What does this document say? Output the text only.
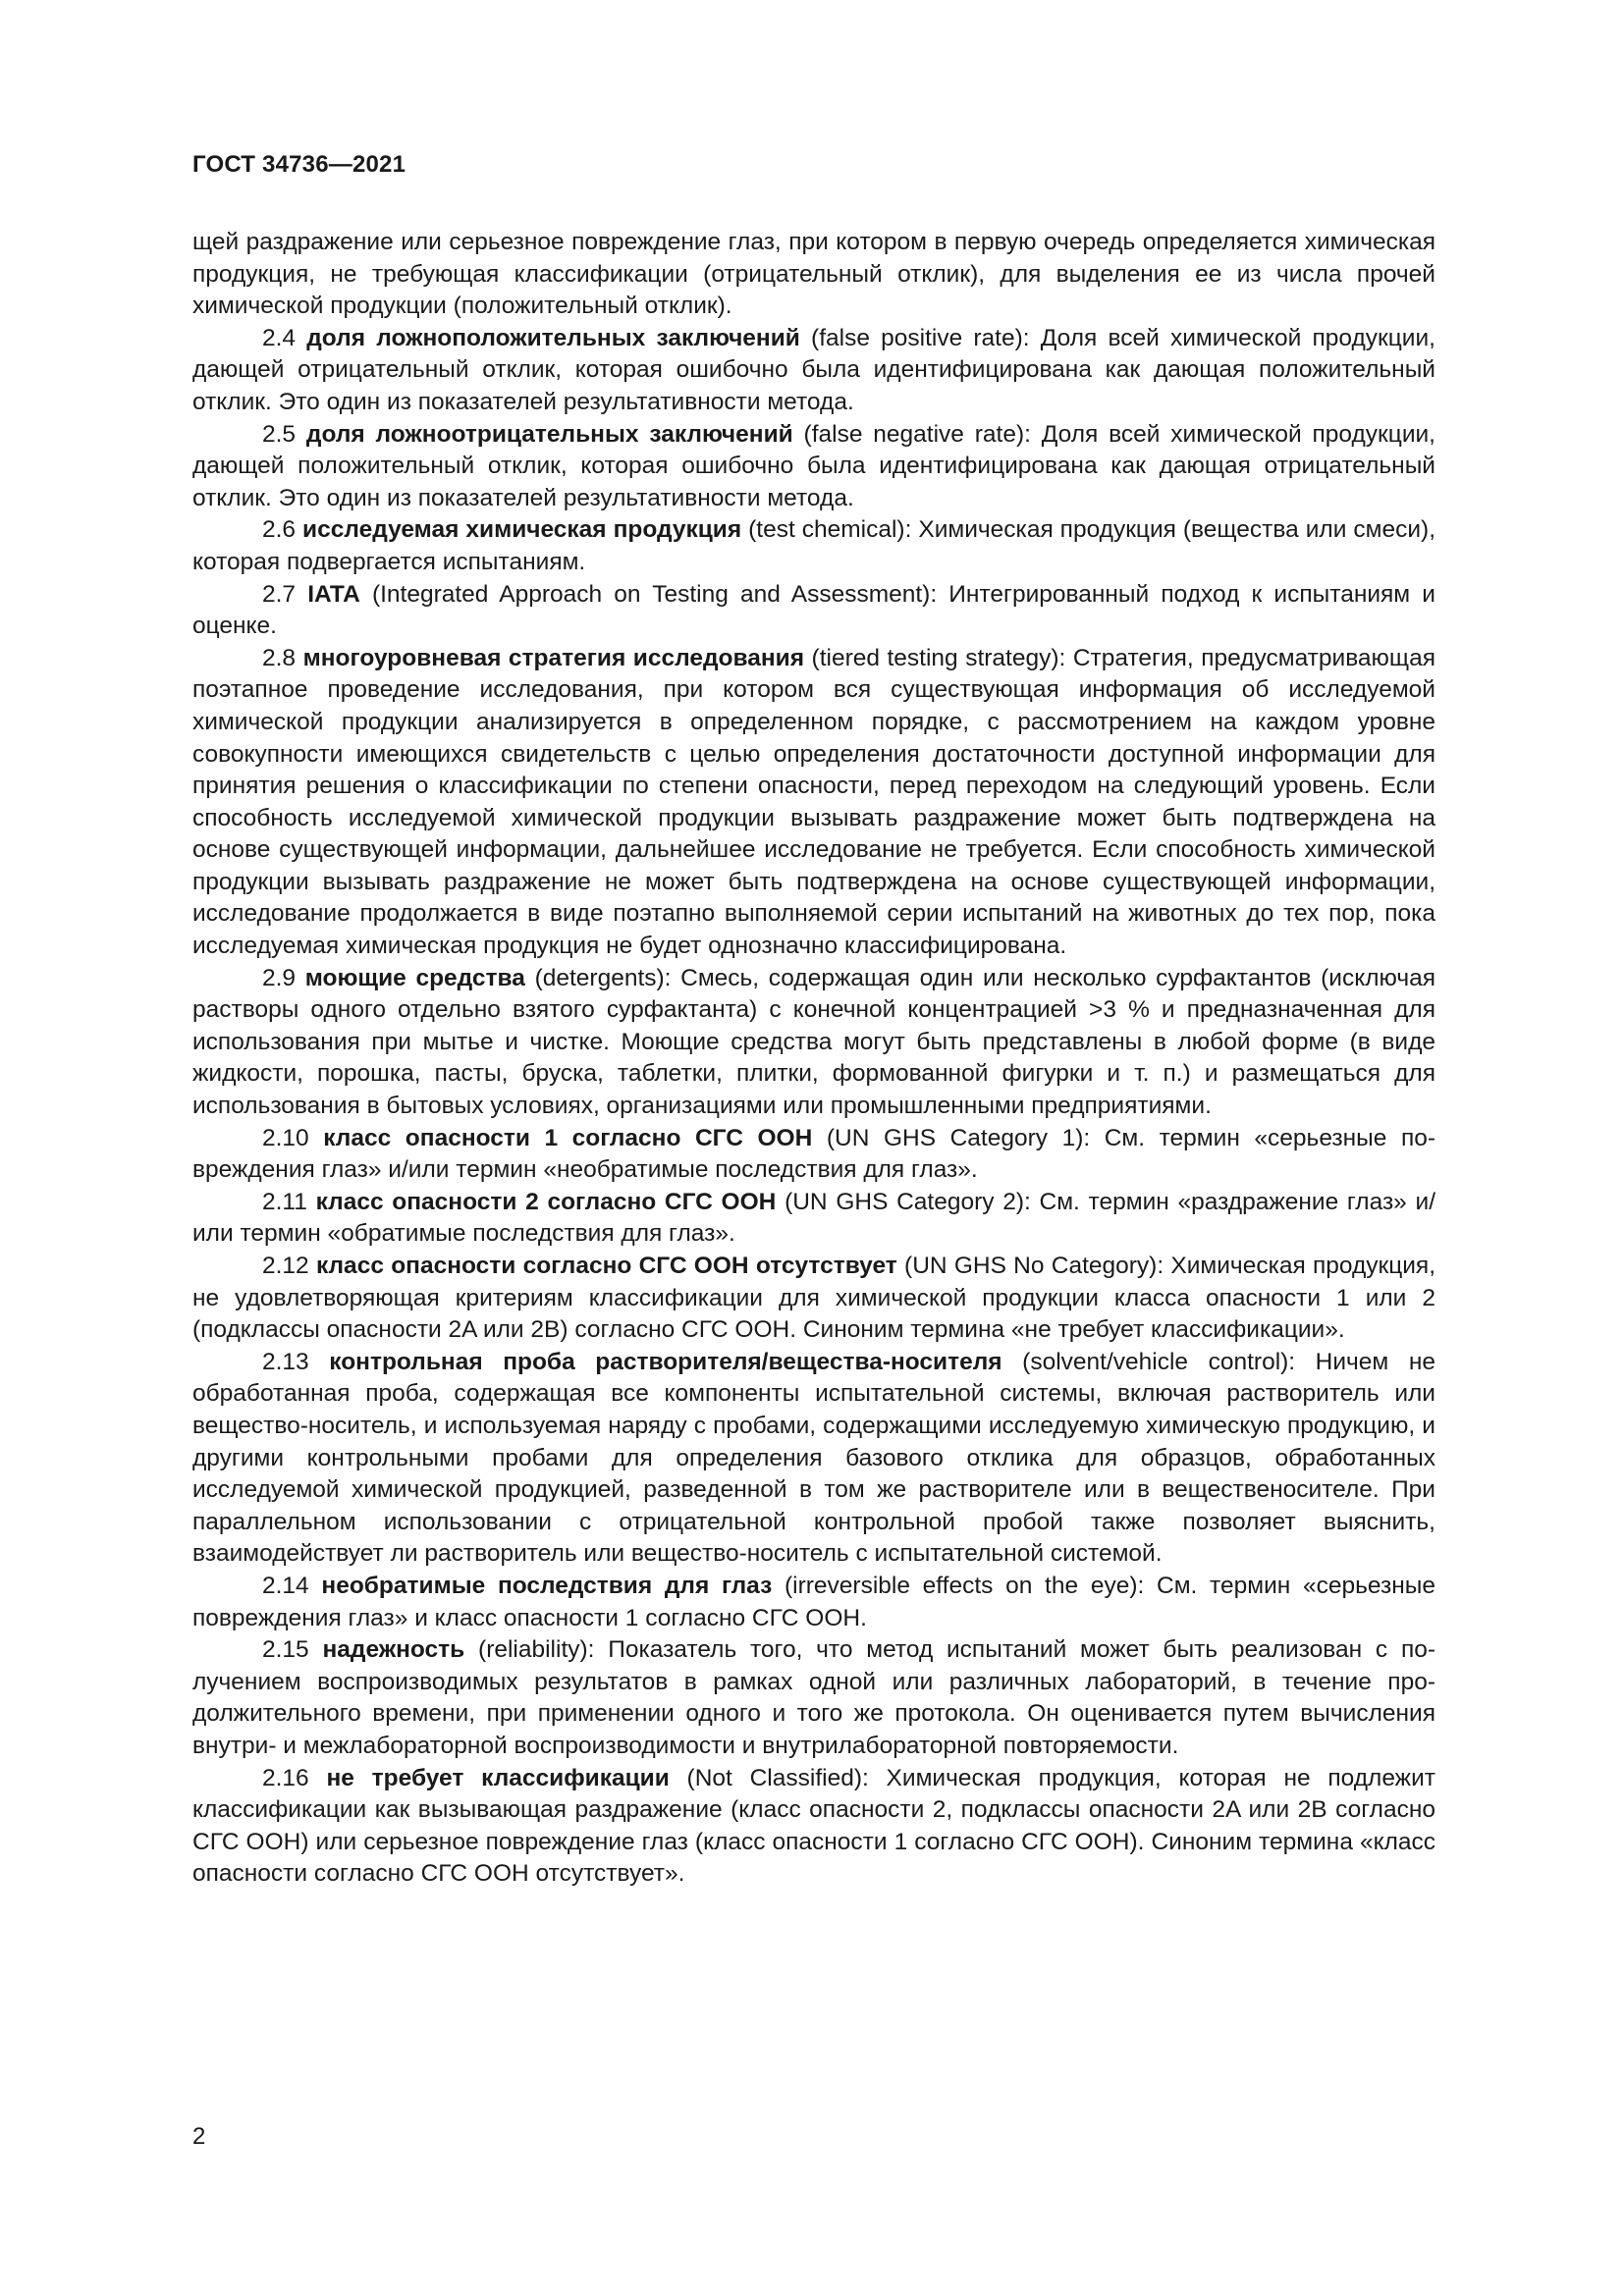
ГОСТ 34736—2021

щей раздражение или серьезное повреждение глаз, при котором в первую очередь определяется химическая продукция, не требующая классификации (отрицательный отклик), для выделения ее из числа прочей химической продукции (положительный отклик).

2.4 доля ложноположительных заключений (false positive rate): Доля всей химической продукции, дающей отрицательный отклик, которая ошибочно была идентифицирована как дающая положительный отклик. Это один из показателей результативности метода.

2.5 доля ложноотрицательных заключений (false negative rate): Доля всей химической продукции, дающей положительный отклик, которая ошибочно была идентифицирована как дающая отрицательный отклик. Это один из показателей результативности метода.

2.6 исследуемая химическая продукция (test chemical): Химическая продукция (вещества или смеси), которая подвергается испытаниям.

2.7 IATA (Integrated Approach on Testing and Assessment): Интегрированный подход к испытаниям и оценке.

2.8 многоуровневая стратегия исследования (tiered testing strategy): Стратегия, предусматривающая поэтапное проведение исследования, при котором вся существующая информация об исследуемой химической продукции анализируется в определенном порядке, с рассмотрением на каждом уровне совокупности имеющихся свидетельств с целью определения достаточности доступной информации для принятия решения о классификации по степени опасности, перед переходом на следующий уровень. Если способность исследуемой химической продукции вызывать раздражение может быть подтверждена на основе существующей информации, дальнейшее исследование не требуется. Если способность химической продукции вызывать раздражение не может быть подтверждена на основе существующей информации, исследование продолжается в виде поэтапно выполняемой серии испытаний на животных до тех пор, пока исследуемая химическая продукция не будет однозначно классифицирована.

2.9 моющие средства (detergents): Смесь, содержащая один или несколько сурфактантов (исключая растворы одного отдельно взятого сурфактанта) с конечной концентрацией >3 % и предназначенная для использования при мытье и чистке. Моющие средства могут быть представлены в любой форме (в виде жидкости, порошка, пасты, бруска, таблетки, плитки, формованной фигурки и т. п.) и размещаться для использования в бытовых условиях, организациями или промышленными предприятиями.

2.10 класс опасности 1 согласно СГС ООН (UN GHS Category 1): См. термин «серьезные повреждения глаз» и/или термин «необратимые последствия для глаз».

2.11 класс опасности 2 согласно СГС ООН (UN GHS Category 2): См. термин «раздражение глаз» и/или термин «обратимые последствия для глаз».

2.12 класс опасности согласно СГС ООН отсутствует (UN GHS No Category): Химическая продукция, не удовлетворяющая критериям классификации для химической продукции класса опасности 1 или 2 (подклассы опасности 2A или 2B) согласно СГС ООН. Синоним термина «не требует классификации».

2.13 контрольная проба растворителя/вещества-носителя (solvent/vehicle control): Ничем не обработанная проба, содержащая все компоненты испытательной системы, включая растворитель или вещество-носитель, и используемая наряду с пробами, содержащими исследуемую химическую продукцию, и другими контрольными пробами для определения базового отклика для образцов, обработанных исследуемой химической продукцией, разведенной в том же растворителе или в вещественосителе. При параллельном использовании с отрицательной контрольной пробой также позволяет выяснить, взаимодействует ли растворитель или вещество-носитель с испытательной системой.

2.14 необратимые последствия для глаз (irreversible effects on the eye): См. термин «серьезные повреждения глаз» и класс опасности 1 согласно СГС ООН.

2.15 надежность (reliability): Показатель того, что метод испытаний может быть реализован с получением воспроизводимых результатов в рамках одной или различных лабораторий, в течение продолжительного времени, при применении одного и того же протокола. Он оценивается путем вычисления внутри- и межлабораторной воспроизводимости и внутрилабораторной повторяемости.

2.16 не требует классификации (Not Classified): Химическая продукция, которая не подлежит классификации как вызывающая раздражение (класс опасности 2, подклассы опасности 2A или 2B согласно СГС ООН) или серьезное повреждение глаз (класс опасности 1 согласно СГС ООН). Синоним термина «класс опасности согласно СГС ООН отсутствует».

2
